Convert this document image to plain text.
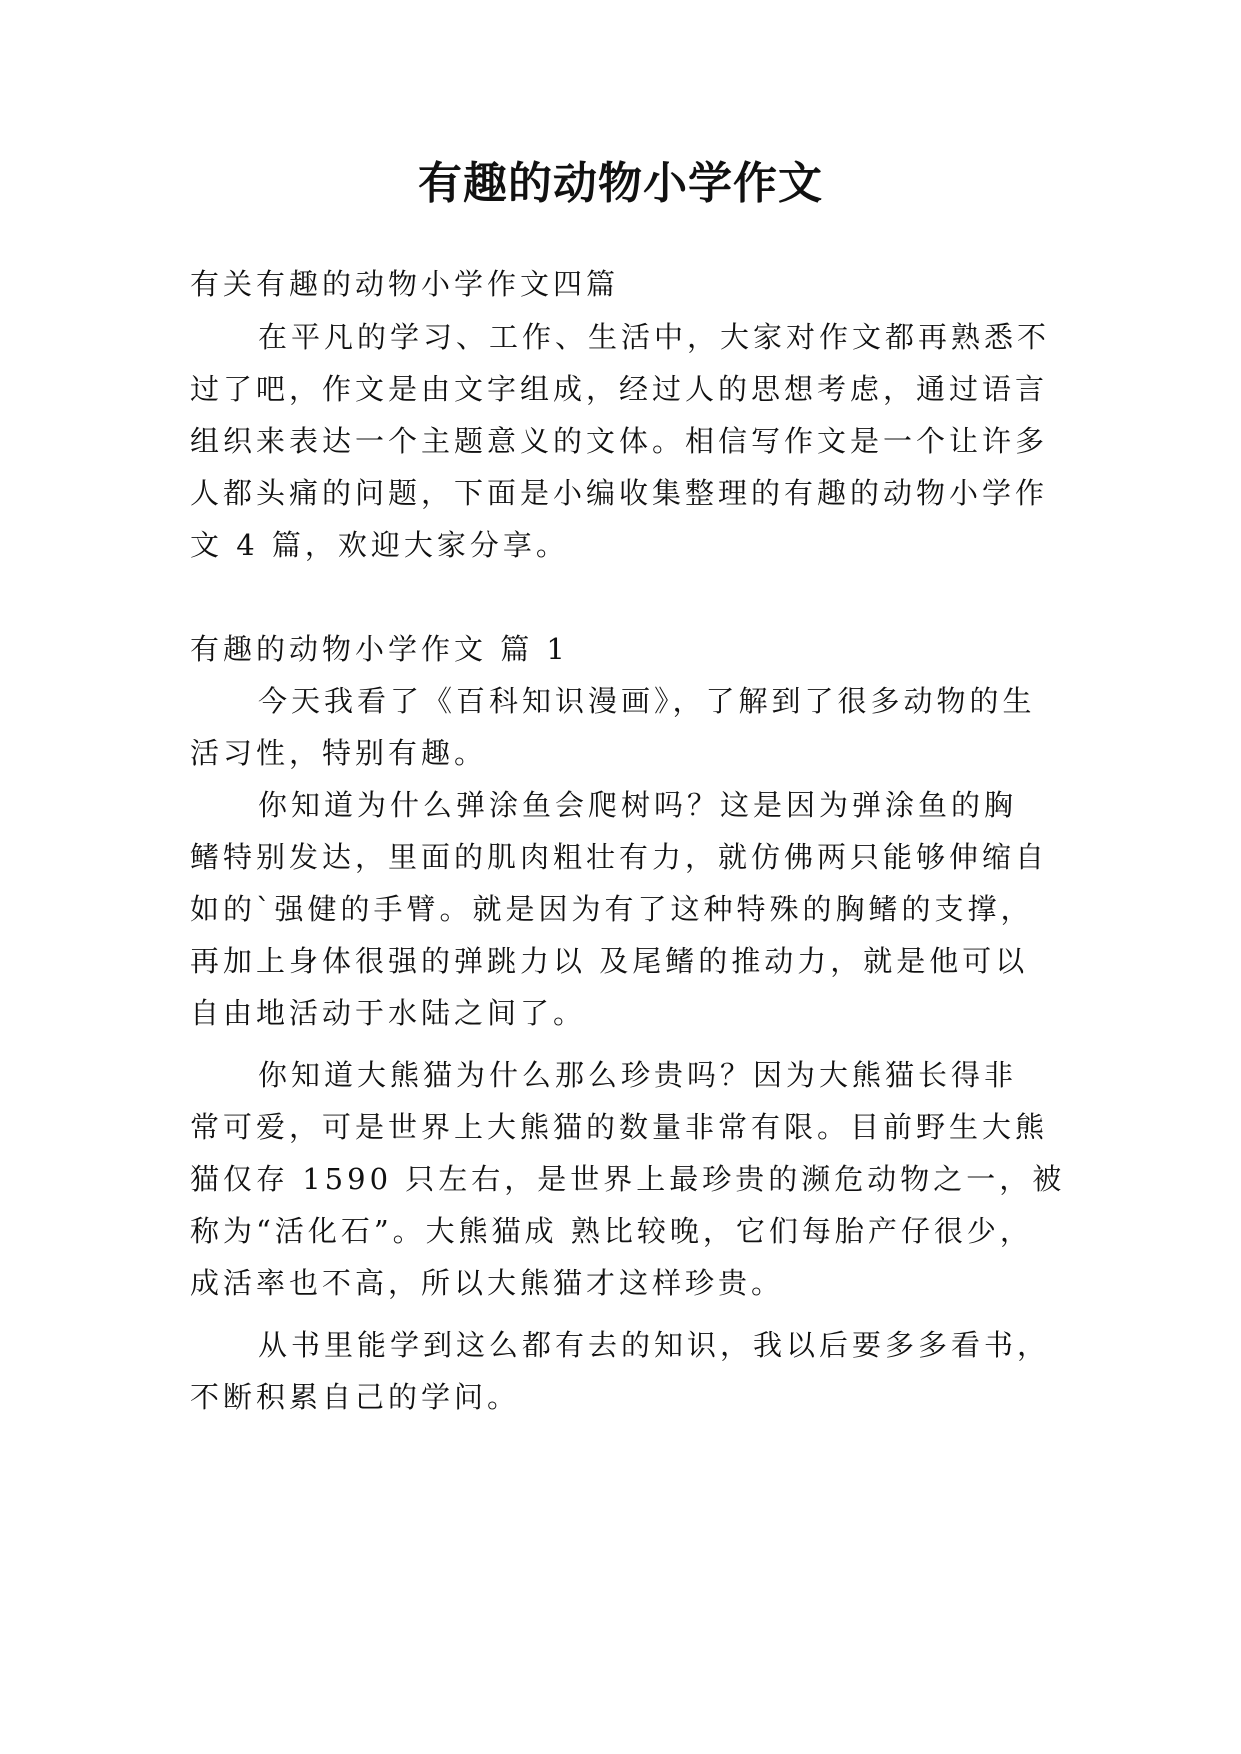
有趣的动物小学作文
有关有趣的动物小学作文四篇
在平凡的学习、工作、生活中，大家对作文都再熟悉不
过了吧，作文是由文字组成，经过人的思想考虑，通过语言
组织来表达一个主题意义的文体。相信写作文是一个让许多
人都头痛的问题，下面是小编收集整理的有趣的动物小学作
文 4 篇，欢迎大家分享。
有趣的动物小学作文 篇 1
今天我看了《百科知识漫画》，了解到了很多动物的生
活习性，特别有趣。
你知道为什么弹涂鱼会爬树吗？这是因为弹涂鱼的胸
鳍特别发达，里面的肌肉粗壮有力，就仿佛两只能够伸缩自
如的`强健的手臂。就是因为有了这种特殊的胸鳍的支撑，
再加上身体很强的弹跳力以 及尾鳍的推动力，就是他可以
自由地活动于水陆之间了。
你知道大熊猫为什么那么珍贵吗？因为大熊猫长得非
常可爱，可是世界上大熊猫的数量非常有限。目前野生大熊
猫仅存 1590 只左右，是世界上最珍贵的濒危动物之一，被
称为“活化石”。大熊猫成 熟比较晚，它们每胎产仔很少，
成活率也不高，所以大熊猫才这样珍贵。
从书里能学到这么都有去的知识，我以后要多多看书，
不断积累自己的学问。
